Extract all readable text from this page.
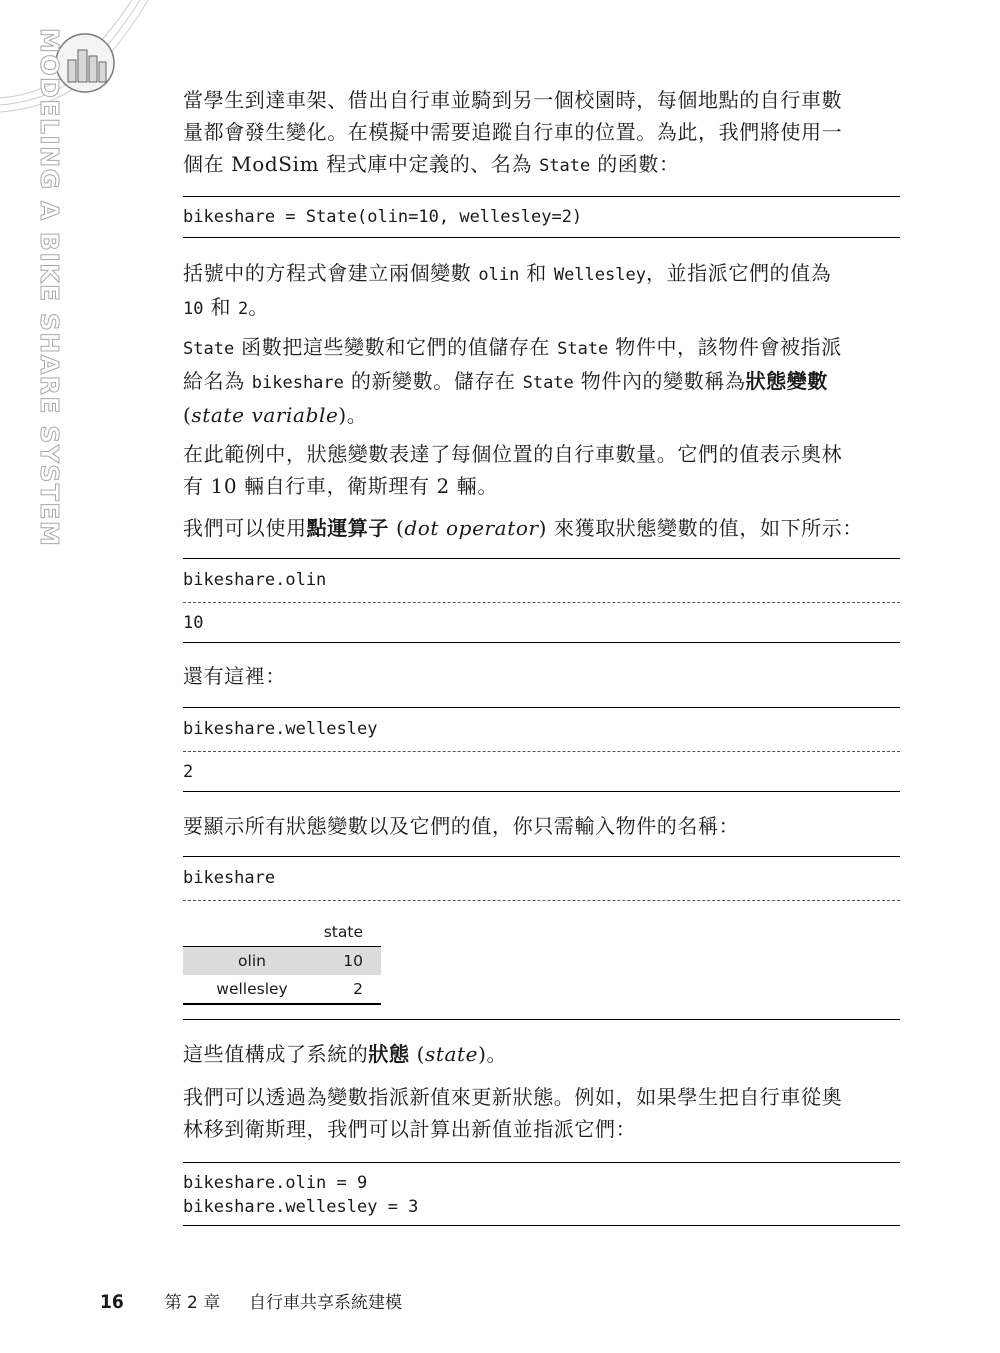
MODELING A BIKE SHARE SYSTEM	當學生到達車架、借出自行車並騎到另一個校園時，每個地點的自行車數

量都會發生變化。在模擬中需要追蹤自行車的位置。為此，我們將使用一

個在 ModSim 程式庫中定義的、名為 State 的函數：

bikeshare = State(olin=10, wellesley=2)

括號中的方程式會建立兩個變數 olin 和 Wellesley，並指派它們的值為

10 和 2。

State 函數把這些變數和它們的值儲存在 State 物件中，該物件會被指派

給名為 bikeshare 的新變數。儲存在 State 物件內的變數稱為狀態變數

(state variable)。

在此範例中，狀態變數表達了每個位置的自行車數量。它們的值表示奧林

有 10 輛自行車，衛斯理有 2 輛。

我們可以使用點運算子 (dot operator) 來獲取狀態變數的值，如下所示：

bikeshare.olin
10

還有這裡：

bikeshare.wellesley
2

要顯示所有狀態變數以及它們的值，你只需輸入物件的名稱：

bikeshare
	state
olin	10
wellesley	2

這些值構成了系統的狀態 (state)。

我們可以透過為變數指派新值來更新狀態。例如，如果學生把自行車從奧

林移到衛斯理，我們可以計算出新值並指派它們：

bikeshare.olin = 9
bikeshare.wellesley = 3
16 第 2 章 自行車共享系統建模
